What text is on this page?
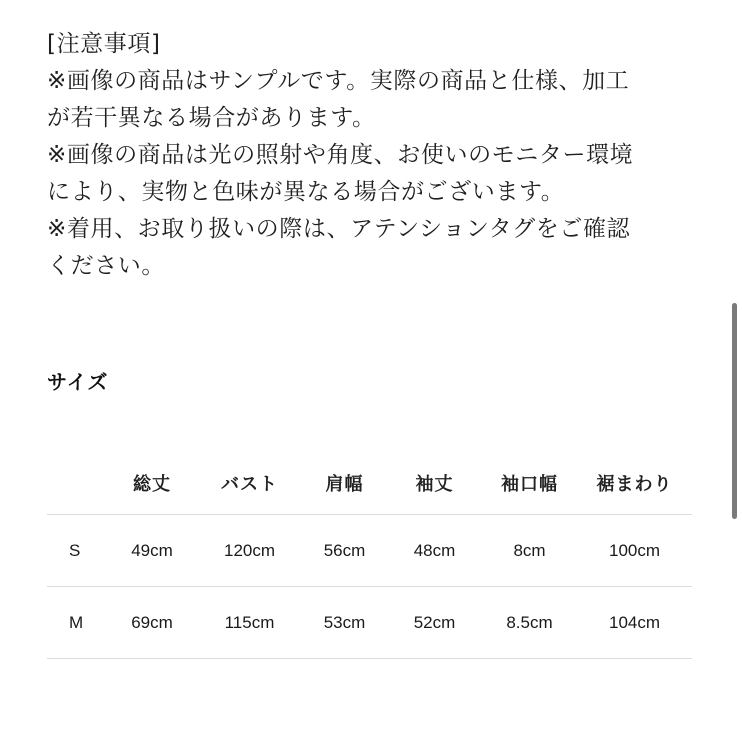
[注意事項]
※画像の商品はサンプルです。実際の商品と仕様、加工
が若干異なる場合があります。
※画像の商品は光の照射や角度、お使いのモニター環境
により、実物と色味が異なる場合がございます。
※着用、お取り扱いの際は、アテンションタグをご確認
ください。
サイズ
	総丈	バスト	肩幅	袖丈	袖口幅	裾まわり
S	49cm	120cm	56cm	48cm	8cm	100cm
M	69cm	115cm	53cm	52cm	8.5cm	104cm
